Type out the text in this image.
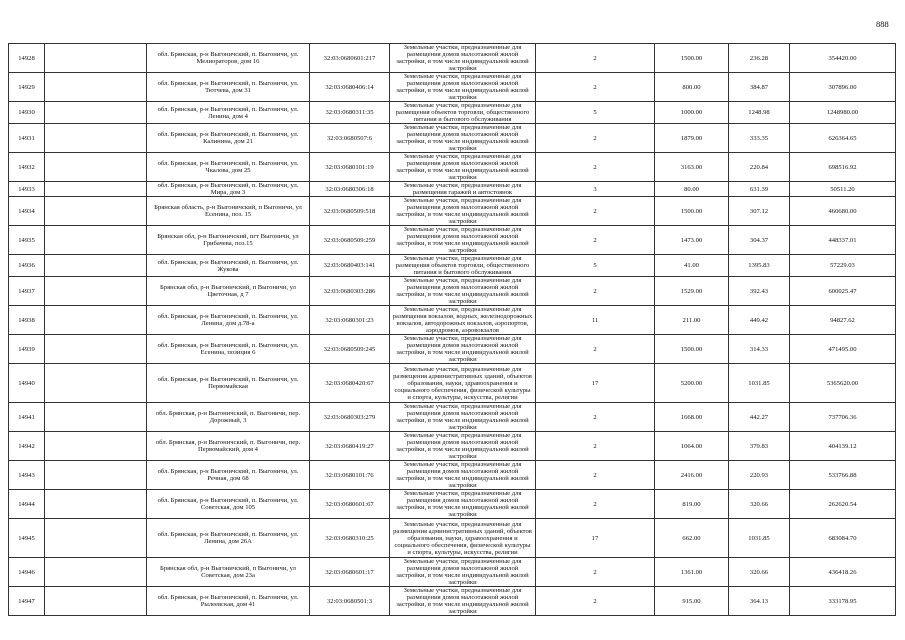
888
14928		обл. Брянская, р-н Выгоничский, п. Выгоничи, ул. Мелиораторов, дом 16	32:03:0680601:217	Земельные участки, предназначенные для размещения домов малоэтажной жилой застройки, в том числе индивидуальной жилой застройки	2	1500.00	236.28	354420.00
14929		обл. Брянская, р-н Выгоничский, п. Выгоничи, ул. Тютчева, дом 31	32:03:0680406:14	Земельные участки, предназначенные для размещения домов малоэтажной жилой застройки, в том числе индивидуальной жилой застройки	2	800.00	384.87	307896.00
14930		обл. Брянская, р-н Выгоничский, п. Выгоничи, ул. Ленина, дом 4	32:03:0680311:35	Земельные участки, предназначенные для размещения объектов торговли, общественного питания и бытового обслуживания	5	1000.00	1248.98	1248980.00
14931		обл. Брянская, р-н Выгоничский, п. Выгоничи, ул. Калинина, дом 21	32:03:0680507:6	Земельные участки, предназначенные для размещения домов малоэтажной жилой застройки, в том числе индивидуальной жилой застройки	2	1879.00	333.35	626364.65
14932		обл. Брянская, р-н Выгоничский, п. Выгоничи, ул. Чкалова, дом 25	32:03:0680101:19	Земельные участки, предназначенные для размещения домов малоэтажной жилой застройки, в том числе индивидуальной жилой застройки	2	3163.00	220.84	698516.92
14933		обл. Брянская, р-н Выгоничский, п. Выгоничи, ул. Мира, дом 3	32:03:0680306:18	Земельные участки, предназначенные для размещения гаражей и автостоянок	3	80.00	631.39	50511.20
14934		Брянская область, р-н Выгоничский, п Выгоничи, ул Есенина, поз. 15	32:03:0680509:518	Земельные участки, предназначенные для размещения домов малоэтажной жилой застройки, в том числе индивидуальной жилой застройки	2	1500.00	307.12	460680.00
14935		Брянская обл, р-н Выгоничский, пгт Выгоничи, ул Грибачева, поз.15	32:03:0680509:259	Земельные участки, предназначенные для размещения домов малоэтажной жилой застройки, в том числе индивидуальной жилой застройки	2	1473.00	304.37	448337.01
14936		обл. Брянская, р-н Выгоничский, п. Выгоничи, ул. Жукова	32:03:0680403:141	Земельные участки, предназначенные для размещения объектов торговли, общественного питания и бытового обслуживания	5	41.00	1395.83	57229.03
14937		Брянская обл, р-н Выгоничский, п Выгоничи, ул Цветочная, д 7	32:03:0680303:286	Земельные участки, предназначенные для размещения домов малоэтажной жилой застройки, в том числе индивидуальной жилой застройки	2	1529.00	392.43	600025.47
14938		обл. Брянская, р-н Выгоничский, п. Выгоничи, ул. Ленина, дом д.78-а	32:03:0680301:23	Земельные участки, предназначенные для размещения вокзалов, водных, железнодорожных вокзалов, автодорожных вокзалов, аэропортов, аэродромов, аэровокзалов	11	211.00	449.42	94827.62
14939		обл. Брянская, р-н Выгоничский, п. Выгоничи, ул. Есенина, позиция 6	32:03:0680509:245	Земельные участки, предназначенные для размещения домов малоэтажной жилой застройки, в том числе индивидуальной жилой застройки	2	1500.00	314.33	471495.00
14940		обл. Брянская, р-н Выгоничский, п. Выгоничи, ул. Первомайская	32:03:0680420:67	Земельные участки, предназначенные для размещения административных зданий, объектов образования, науки, здравоохранения и социального обеспечения, физической культуры и спорта, культуры, искусства, религии	17	5200.00	1031.85	5365620.00
14941		обл. Брянская, р-н Выгоничский, п. Выгоничи, пер. Дорожный, 3	32:03:0680303:279	Земельные участки, предназначенные для размещения домов малоэтажной жилой застройки, в том числе индивидуальной жилой застройки	2	1668.00	442.27	737706.36
14942		обл. Брянская, р-н Выгоничский, п. Выгоничи, пер. Первомайский, дом 4	32:03:0680419:27	Земельные участки, предназначенные для размещения домов малоэтажной жилой застройки, в том числе индивидуальной жилой застройки	2	1064.00	379.83	404139.12
14943		обл. Брянская, р-н Выгоничский, п. Выгоничи, ул. Речная, дом 68	32:03:0680101:76	Земельные участки, предназначенные для размещения домов малоэтажной жилой застройки, в том числе индивидуальной жилой застройки	2	2416.00	220.93	533766.88
14944		обл. Брянская, р-н Выгоничский, п. Выгоничи, ул. Советская, дом 105	32:03:0680601:67	Земельные участки, предназначенные для размещения домов малоэтажной жилой застройки, в том числе индивидуальной жилой застройки	2	819.00	320.66	262620.54
14945		обл. Брянская, р-н Выгоничский, п. Выгоничи, ул. Ленина, дом 26А	32:03:0680310:25	Земельные участки, предназначенные для размещения административных зданий, объектов образования, науки, здравоохранения и социального обеспечения, физической культуры и спорта, культуры, искусства, религии	17	662.00	1031.85	683084.70
14946		Брянская обл, р-н Выгоничский, п Выгоничи, ул Советская, дом 23а	32:03:0680601:17	Земельные участки, предназначенные для размещения домов малоэтажной жилой застройки, в том числе индивидуальной жилой застройки	2	1361.00	320.66	436418.26
14947		обл. Брянская, р-н Выгоничский, п. Выгоничи, ул. Рылеевская, дом 41	32:03:0680501:3	Земельные участки, предназначенные для размещения домов малоэтажной жилой застройки, в том числе индивидуальной жилой застройки	2	915.00	364.13	333178.95
